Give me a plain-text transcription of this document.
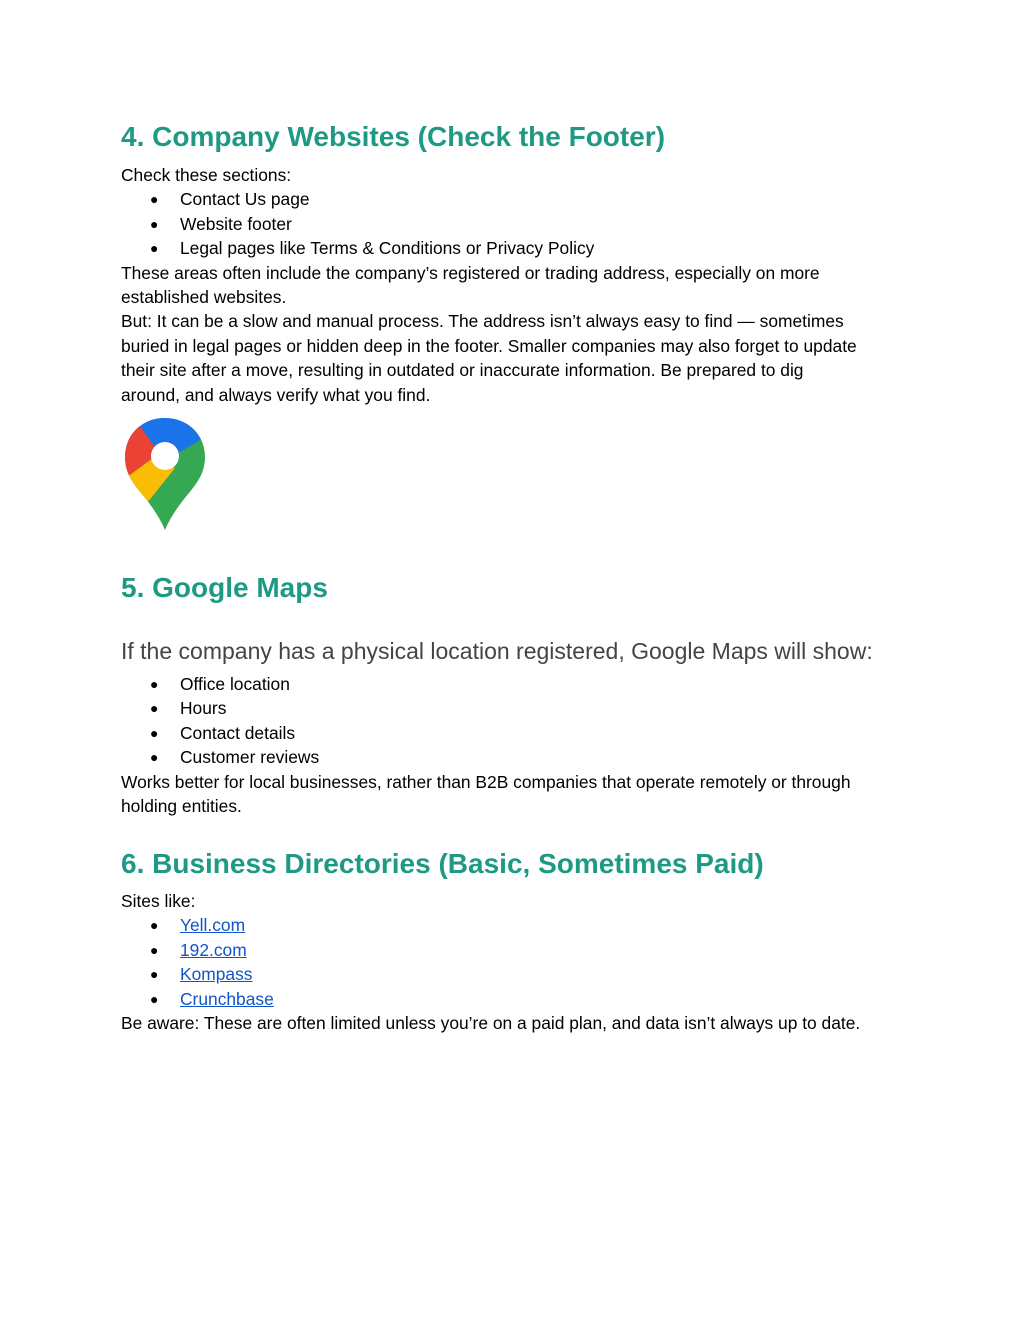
4. Company Websites (Check the Footer)

Check these sections:

● Contact Us page
● Website footer
● Legal pages like Terms & Conditions or Privacy Policy

These areas often include the company’s registered or trading address, especially on more
established websites.

But: It can be a slow and manual process. The address isn’t always easy to find — sometimes
buried in legal pages or hidden deep in the footer. Smaller companies may also forget to update
their site after a move, resulting in outdated or inaccurate information. Be prepared to dig
around, and always verify what you find.

5. Google Maps

If the company has a physical location registered, Google Maps will show:

● Office location
● Hours
● Contact details
● Customer reviews

Works better for local businesses, rather than B2B companies that operate remotely or through
holding entities.

6. Business Directories (Basic, Sometimes Paid)

Sites like:

● Yell.com
● 192.com
● Kompass
● Crunchbase

Be aware: These are often limited unless you’re on a paid plan, and data isn’t always up to date.
